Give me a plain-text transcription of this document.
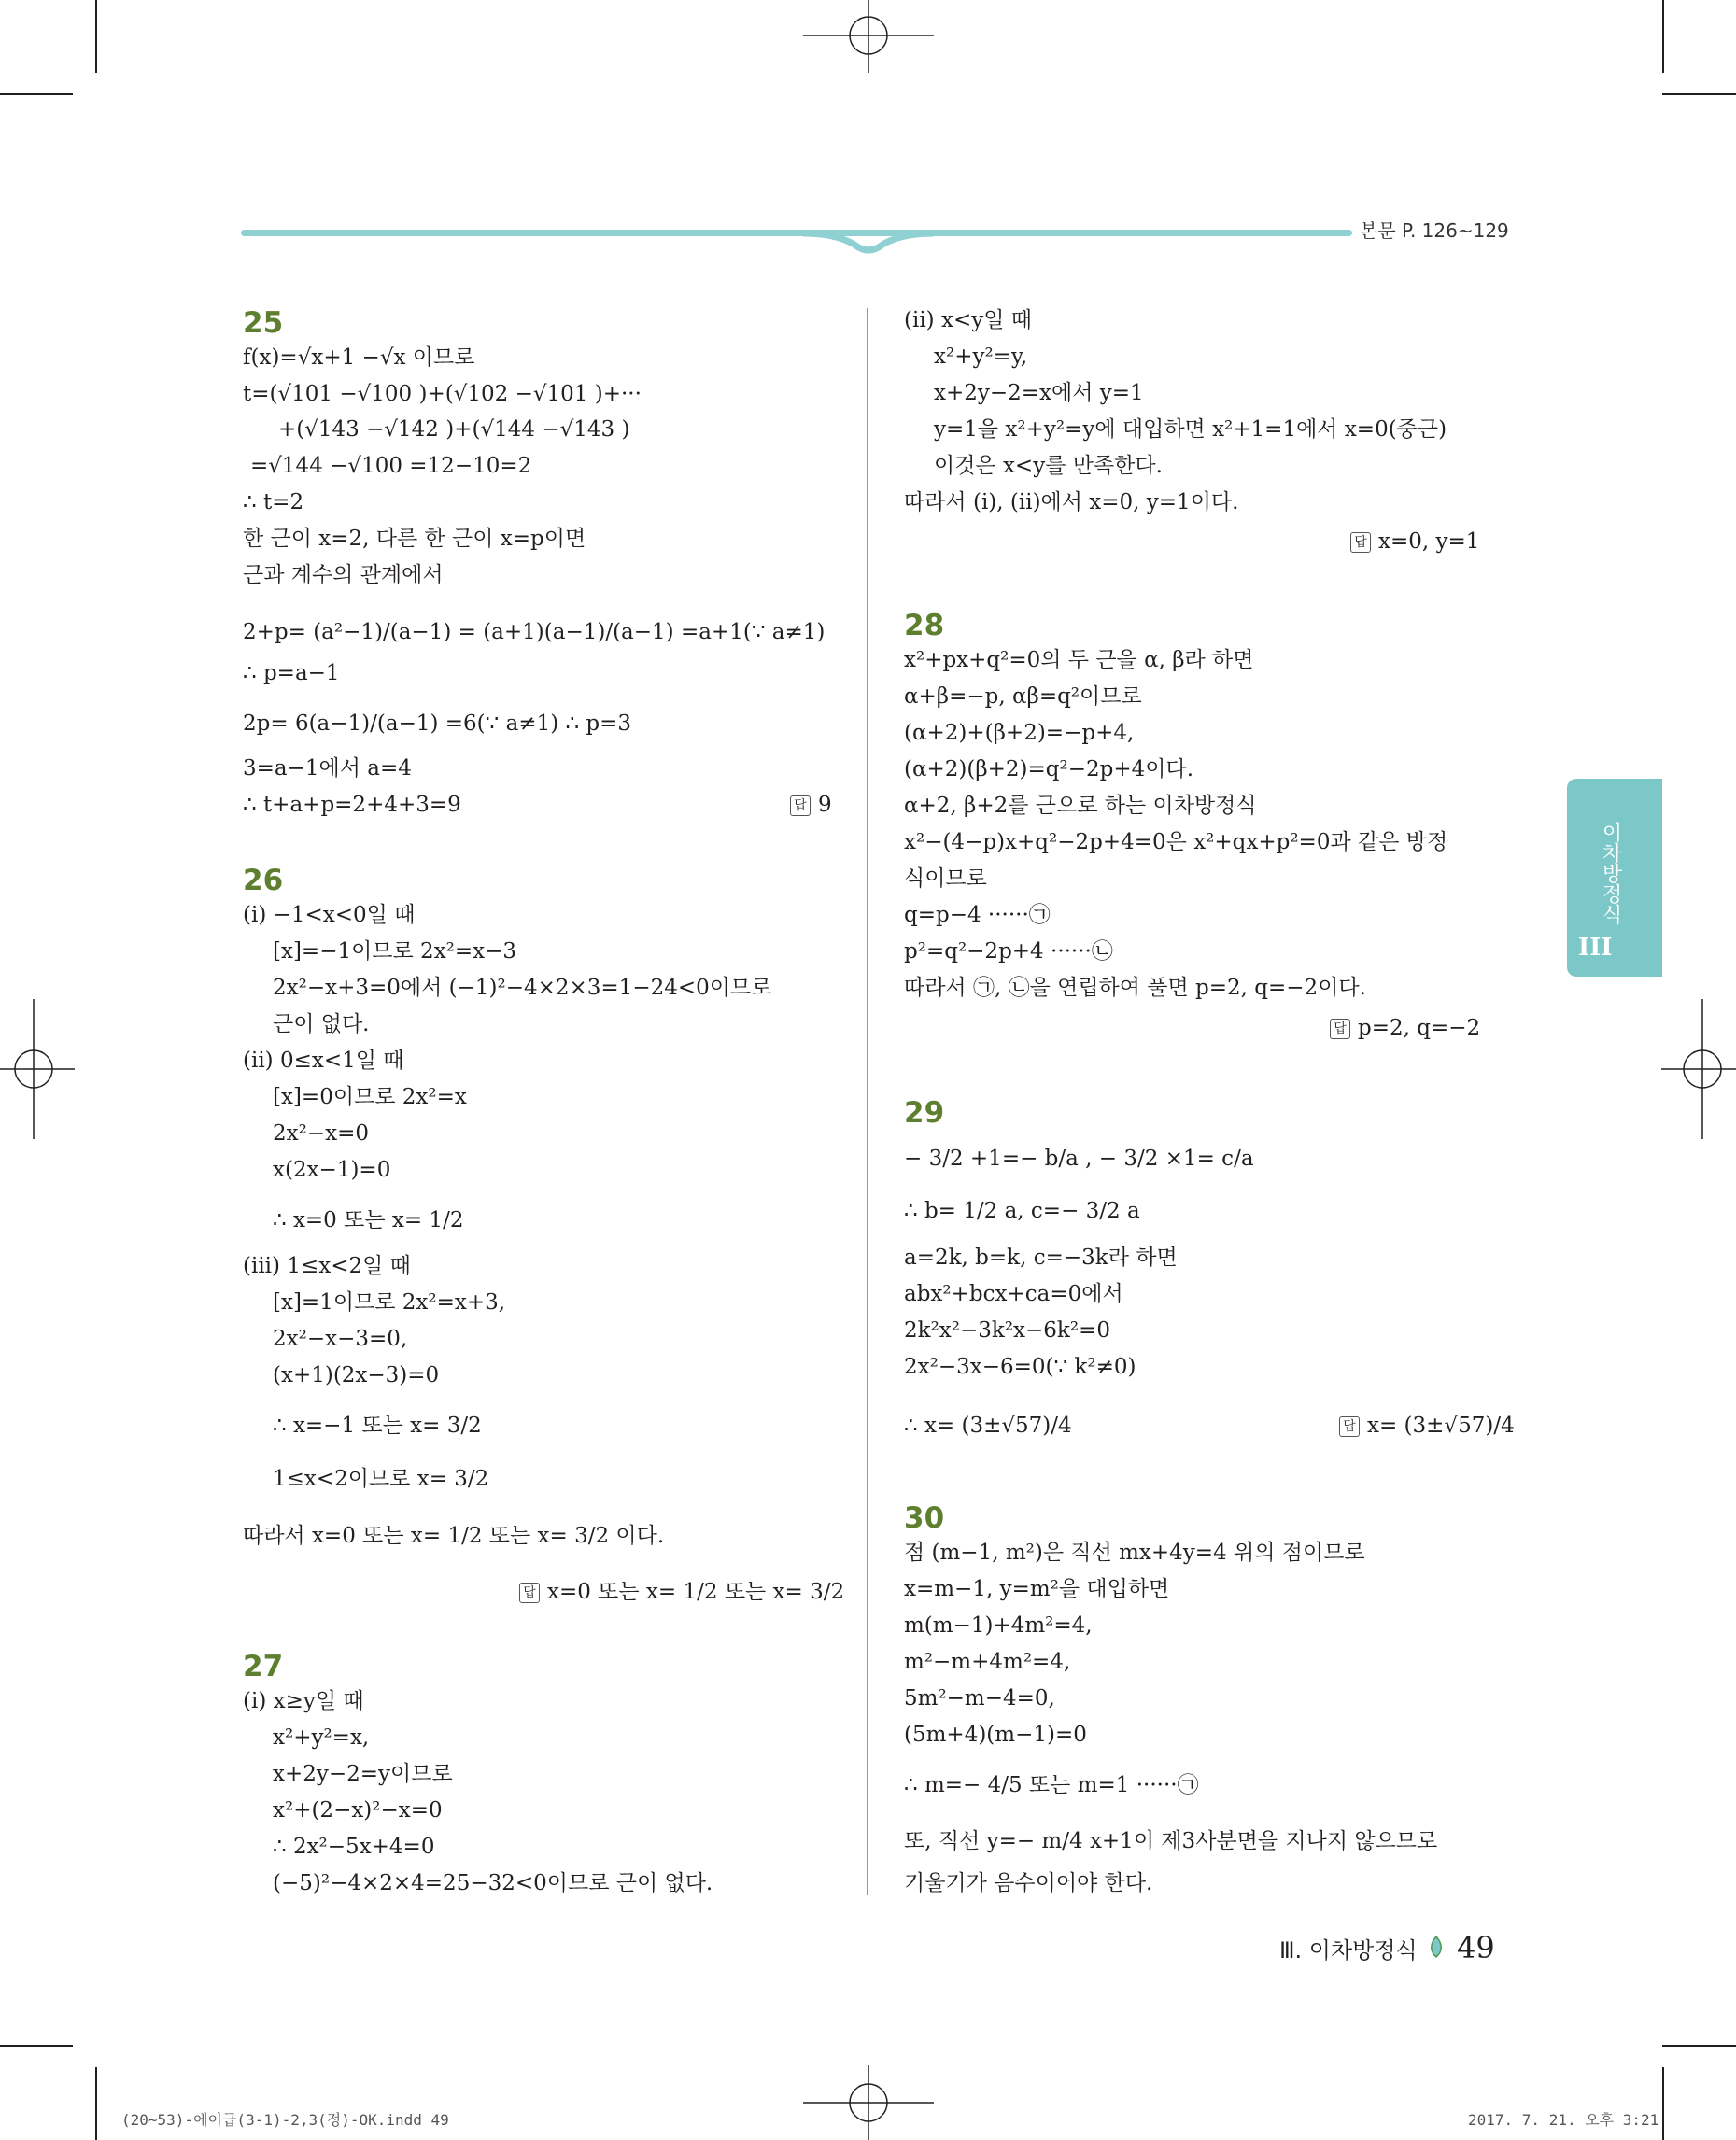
본문 P. 126~129
이차방정식
III
25
f(x)=√x+1 −√x 이므로
t=(√101 −√100 )+(√102 −√101 )+···
+(√143 −√142 )+(√144 −√143 )
=√144 −√100 =12−10=2
∴ t=2
한 근이 x=2, 다른 한 근이 x=p이면
근과 계수의 관계에서
2+p= (a²−1)/(a−1) = (a+1)(a−1)/(a−1) =a+1(∵ a≠1)
∴ p=a−1
2p= 6(a−1)/(a−1) =6(∵ a≠1) ∴ p=3
3=a−1에서 a=4
∴ t+a+p=2+4+3=9	답 9
26
(i) −1<x<0일 때
[x]=−1이므로 2x²=x−3
2x²−x+3=0에서 (−1)²−4×2×3=1−24<0이므로
근이 없다.
(ii) 0≤x<1일 때
[x]=0이므로 2x²=x
2x²−x=0
x(2x−1)=0
∴ x=0 또는 x= 1/2
(iii) 1≤x<2일 때
[x]=1이므로 2x²=x+3,
2x²−x−3=0,
(x+1)(2x−3)=0
∴ x=−1 또는 x= 3/2
1≤x<2이므로 x= 3/2
따라서 x=0 또는 x= 1/2 또는 x= 3/2 이다.
답 x=0 또는 x= 1/2 또는 x= 3/2
27
(i) x≥y일 때
x²+y²=x,
x+2y−2=y이므로
x²+(2−x)²−x=0
∴ 2x²−5x+4=0
(−5)²−4×2×4=25−32<0이므로 근이 없다.
(ii) x<y일 때
x²+y²=y,
x+2y−2=x에서 y=1
y=1을 x²+y²=y에 대입하면 x²+1=1에서 x=0(중근)
이것은 x<y를 만족한다.
따라서 (i), (ii)에서 x=0, y=1이다.
답 x=0, y=1
28
x²+px+q²=0의 두 근을 α, β라 하면
α+β=−p, αβ=q²이므로
(α+2)+(β+2)=−p+4,
(α+2)(β+2)=q²−2p+4이다.
α+2, β+2를 근으로 하는 이차방정식
x²−(4−p)x+q²−2p+4=0은 x²+qx+p²=0과 같은 방정
식이므로
q=p−4 ······㉠
p²=q²−2p+4 ······㉡
따라서 ㉠, ㉡을 연립하여 풀면 p=2, q=−2이다.
답 p=2, q=−2
29
− 3/2 +1=− b/a , − 3/2 ×1= c/a
∴ b= 1/2 a, c=− 3/2 a
a=2k, b=k, c=−3k라 하면
abx²+bcx+ca=0에서
2k²x²−3k²x−6k²=0
2x²−3x−6=0(∵ k²≠0)
∴ x= (3±√57)/4	답 x= (3±√57)/4
30
점 (m−1, m²)은 직선 mx+4y=4 위의 점이므로
x=m−1, y=m²을 대입하면
m(m−1)+4m²=4,
m²−m+4m²=4,
5m²−m−4=0,
(5m+4)(m−1)=0
∴ m=− 4/5 또는 m=1 ······㉠
또, 직선 y=− m/4 x+1이 제3사분면을 지나지 않으므로
기울기가 음수이어야 한다.
Ⅲ. 이차방정식 49
(20~53)-에이급(3-1)-2,3(정)-OK.indd 49	2017. 7. 21. 오후 3:21
